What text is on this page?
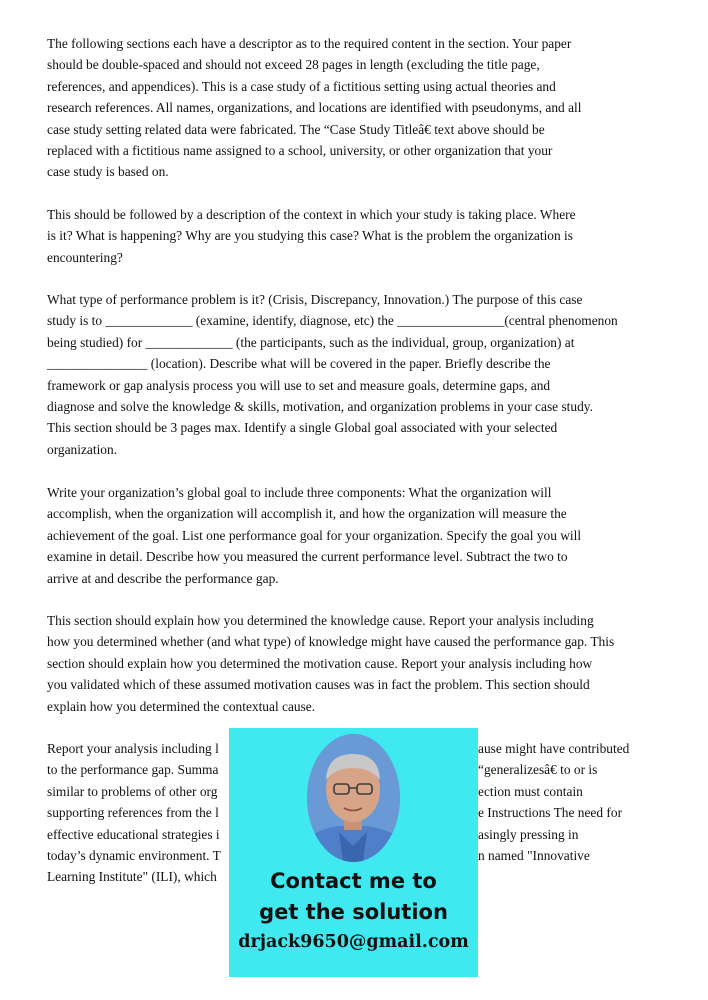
The following sections each have a descriptor as to the required content in the section. Your paper
should be double-spaced and should not exceed 28 pages in length (excluding the title page,
references, and appendices). This is a case study of a fictitious setting using actual theories and
research references. All names, organizations, and locations are identified with pseudonyms, and all
case study setting related data were fabricated. The “Case Study Titleâ€ text above should be
replaced with a fictitious name assigned to a school, university, or other organization that your
case study is based on.
This should be followed by a description of the context in which your study is taking place. Where
is it? What is happening? Why are you studying this case? What is the problem the organization is
encountering?
What type of performance problem is it? (Crisis, Discrepancy, Innovation.) The purpose of this case
study is to _____________ (examine, identify, diagnose, etc) the ________________(central phenomenon
being studied) for _____________ (the participants, such as the individual, group, organization) at
_______________ (location). Describe what will be covered in the paper. Briefly describe the
framework or gap analysis process you will use to set and measure goals, determine gaps, and
diagnose and solve the knowledge & skills, motivation, and organization problems in your case study.
This section should be 3 pages max. Identify a single Global goal associated with your selected
organization.
Write your organization’s global goal to include three components: What the organization will
accomplish, when the organization will accomplish it, and how the organization will measure the
achievement of the goal. List one performance goal for your organization. Specify the goal you will
examine in detail. Describe how you measured the current performance level. Subtract the two to
arrive at and describe the performance gap.
This section should explain how you determined the knowledge cause. Report your analysis including
how you determined whether (and what type) of knowledge might have caused the performance gap. This
section should explain how you determined the motivation cause. Report your analysis including how
you validated which of these assumed motivation causes was in fact the problem. This section should
explain how you determined the contextual cause.
Report your analysis including l
to the performance gap. Summa
similar to problems of other org
supporting references from the l
effective educational strategies i
today’s dynamic environment. T
Learning Institute" (ILI), which
ause might have contributed
“generalizesâ€ to or is
ection must contain
e Instructions The need for
asingly pressing in
n named "Innovative
Contact me to
get the solution
drjack9650@gmail.com
